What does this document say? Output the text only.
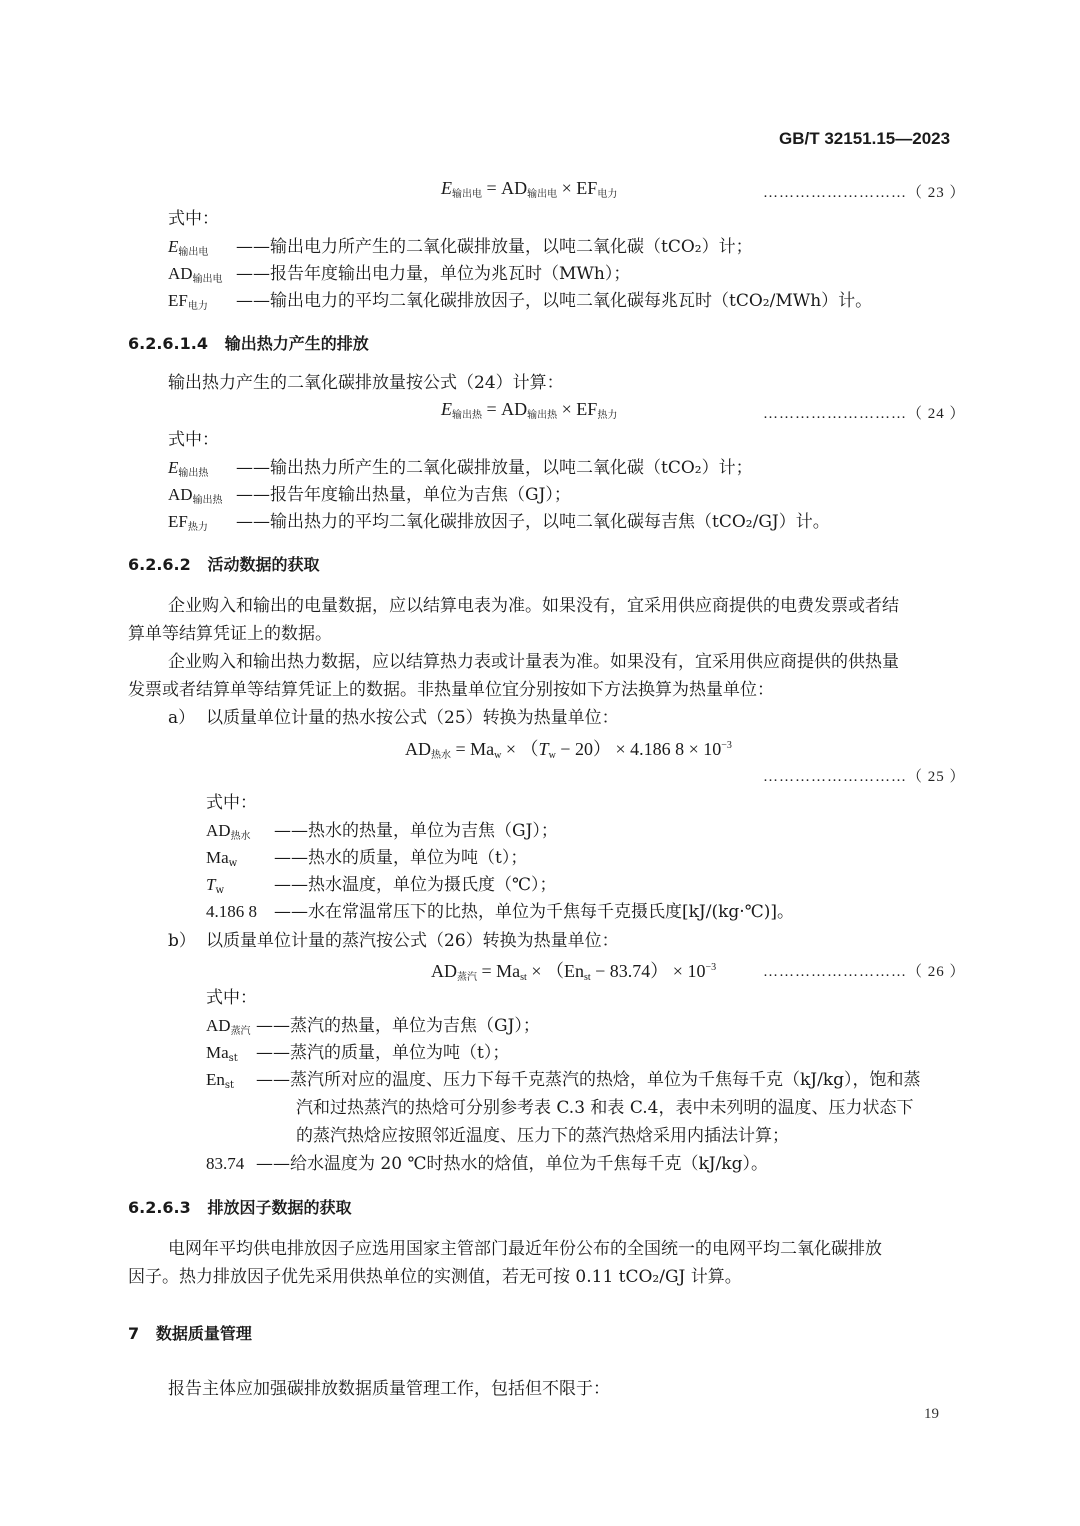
GB/T 32151.15—2023
$E_{输出电} = AD_{输出电} \times EF_{电力}$	………………………（ 23 ）
式中：
$E_{输出电}$ ——输出电力所产生的二氧化碳排放量，以吨二氧化碳（tCO₂）计；
$AD_{输出电}$ ——报告年度输出电力量，单位为兆瓦时（MWh）；
$EF_{电力}$ ——输出电力的平均二氧化碳排放因子，以吨二氧化碳每兆瓦时（tCO₂/MWh）计。
6.2.6.1.4 输出热力产生的排放
输出热力产生的二氧化碳排放量按公式（24）计算：
$E_{输出热} = AD_{输出热} \times EF_{热力}$	………………………（ 24 ）
式中：
$E_{输出热}$ ——输出热力所产生的二氧化碳排放量，以吨二氧化碳（tCO₂）计；
$AD_{输出热}$ ——报告年度输出热量，单位为吉焦（GJ）；
$EF_{热力}$ ——输出热力的平均二氧化碳排放因子，以吨二氧化碳每吉焦（tCO₂/GJ）计。
6.2.6.2 活动数据的获取
企业购入和输出的电量数据，应以结算电表为准。如果没有，宜采用供应商提供的电费发票或者结
算单等结算凭证上的数据。
企业购入和输出热力数据，应以结算热力表或计量表为准。如果没有，宜采用供应商提供的供热量
发票或者结算单等结算凭证上的数据。非热量单位宜分别按如下方法换算为热量单位：
a） 以质量单位计量的热水按公式（25）转换为热量单位：
$AD_{热水} = Ma_w \times (T_w - 20) \times 4.186$ $8 \times 10^{-3}$
………………………（ 25 ）
式中：
$AD_{热水}$ ——热水的热量，单位为吉焦（GJ）；
$Ma_w$ ——热水的质量，单位为吨（t）；
$T_w$	——热水温度，单位为摄氏度（℃）；
4.186 8 ——水在常温常压下的比热，单位为千焦每千克摄氏度[kJ/(kg·℃)]。
b） 以质量单位计量的蒸汽按公式（26）转换为热量单位：
$AD_{蒸汽} = Ma_{st} \times (En_{st} - 83.74) \times 10^{-3}$	………………………（ 26 ）
式中：
$AD_{蒸汽}$ ——蒸汽的热量，单位为吉焦（GJ）；
$Ma_{st}$ ——蒸汽的质量，单位为吨（t）；
$En_{st}$ ——蒸汽所对应的温度、压力下每千克蒸汽的热焓，单位为千焦每千克（kJ/kg），饱和蒸
汽和过热蒸汽的热焓可分别参考表 C.3 和表 C.4，表中未列明的温度、压力状态下
的蒸汽热焓应按照邻近温度、压力下的蒸汽热焓采用内插法计算；
83.74 ——给水温度为 20 ℃时热水的焓值，单位为千焦每千克（kJ/kg）。
6.2.6.3 排放因子数据的获取
电网年平均供电排放因子应选用国家主管部门最近年份公布的全国统一的电网平均二氧化碳排放
因子。热力排放因子优先采用供热单位的实测值，若无可按 0.11 tCO₂/GJ 计算。
7 数据质量管理
报告主体应加强碳排放数据质量管理工作，包括但不限于：
19
